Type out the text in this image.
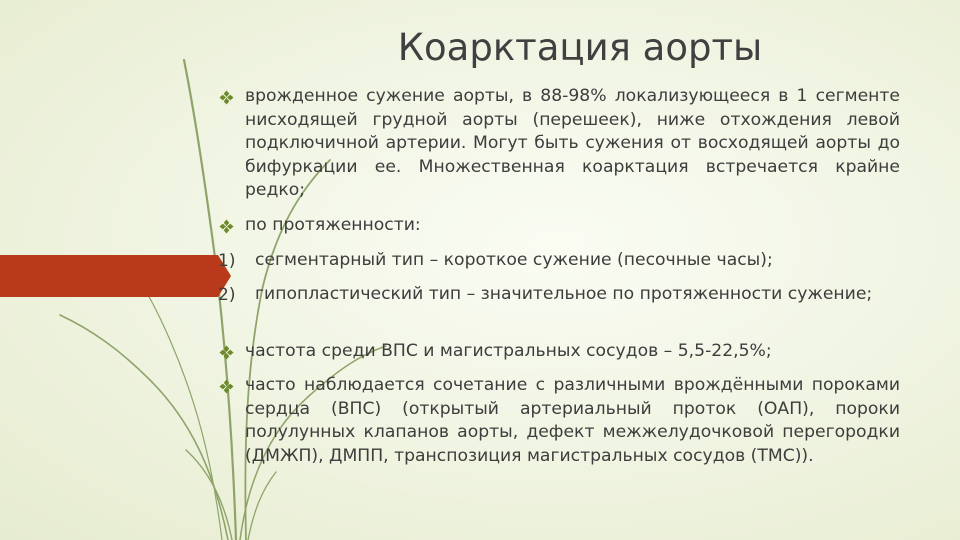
Коарктация аорты
врожденное сужение аорты, в 88-98% локализующееся в 1 сегменте нисходящей грудной аорты (перешеек), ниже отхождения левой подключичной артерии. Могут быть сужения от восходящей аорты до бифуркации ее. Множественная коарктация встречается крайне редко;
по протяженности:
1)	сегментарный тип – короткое сужение (песочные часы);
2)	гипопластический тип – значительное по протяженности сужение;
частота среди ВПС и магистральных сосудов – 5,5-22,5%;
часто наблюдается сочетание с различными врождёнными пороками сердца (ВПС) (открытый артериальный проток (ОАП), пороки полулунных клапанов аорты, дефект межжелудочковой перегородки (ДМЖП), ДМПП, транспозиция магистральных сосудов (ТМС)).
